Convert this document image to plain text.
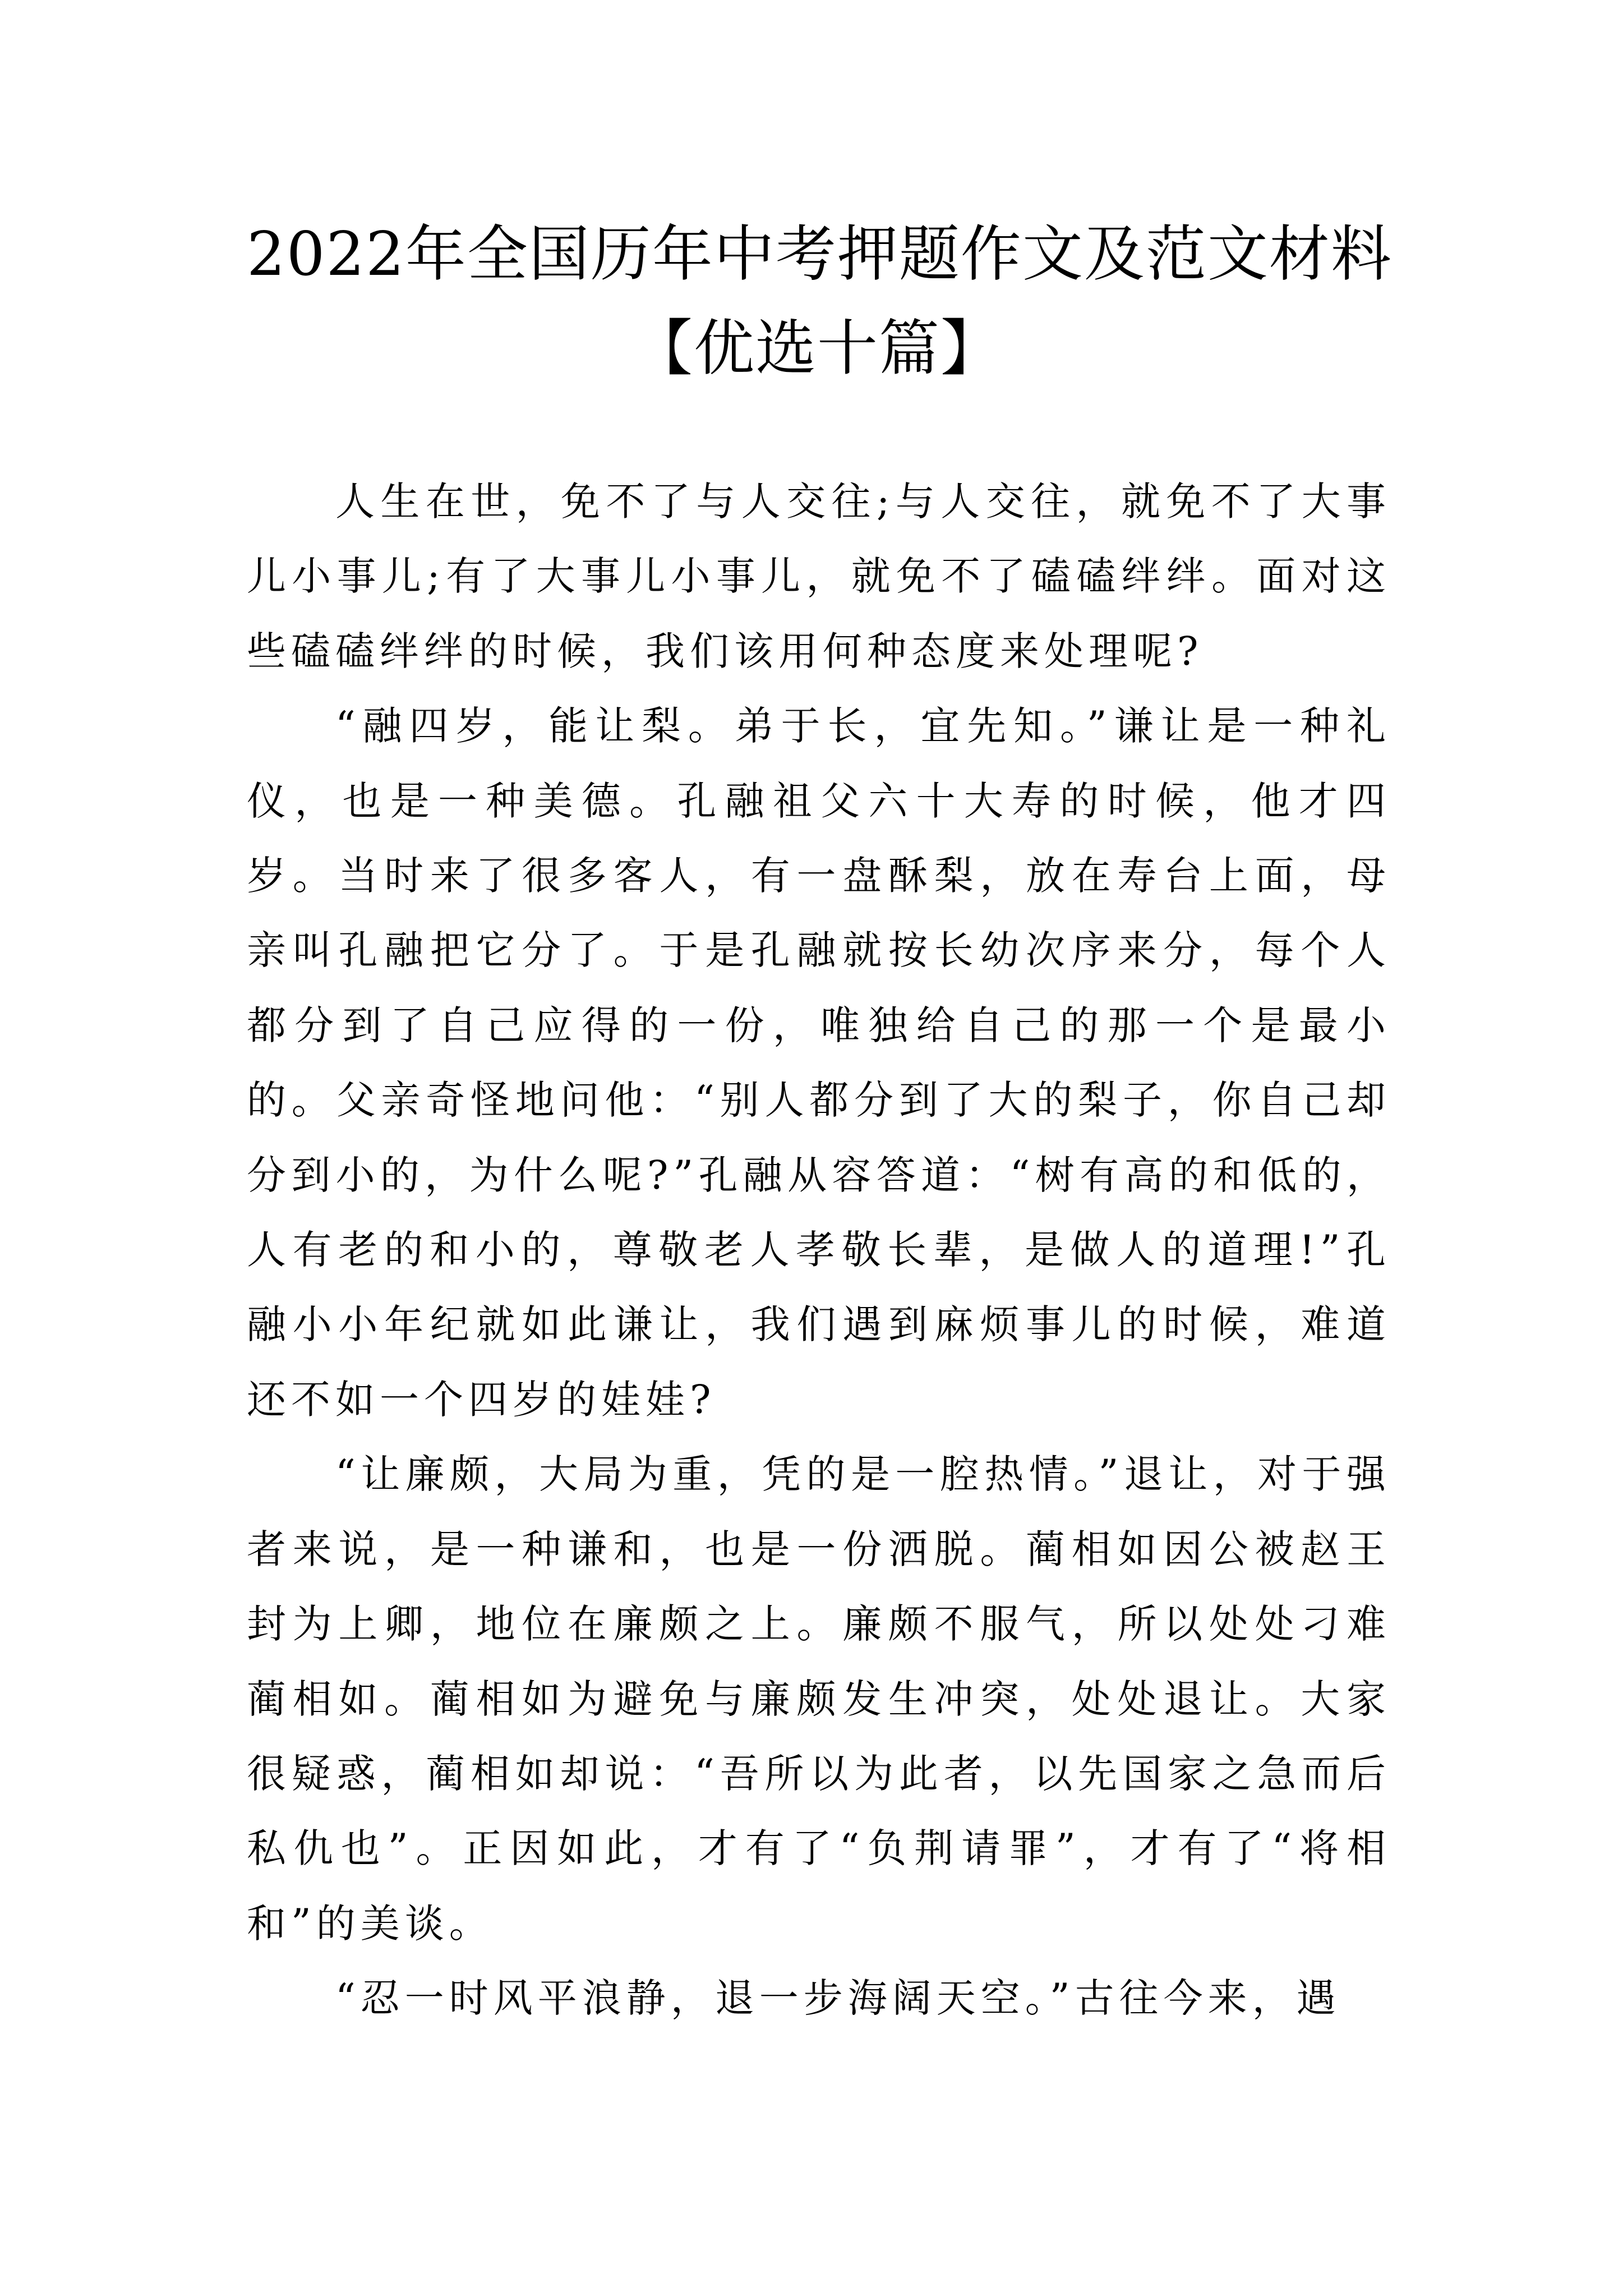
2022年全国历年中考押题作文及范文材料
【优选十篇】

人生在世，免不了与人交往;与人交往，就免不了大事儿小事儿;有了大事儿小事儿，就免不了磕磕绊绊。面对这些磕磕绊绊的时候，我们该用何种态度来处理呢?

“融四岁，能让梨。弟于长，宜先知。”谦让是一种礼仪，也是一种美德。孔融祖父六十大寿的时候，他才四岁。当时来了很多客人，有一盘酥梨，放在寿台上面，母亲叫孔融把它分了。于是孔融就按长幼次序来分，每个人都分到了自己应得的一份，唯独给自己的那一个是最小的。父亲奇怪地问他：“别人都分到了大的梨子，你自己却分到小的，为什么呢?”孔融从容答道：“树有高的和低的，人有老的和小的，尊敬老人孝敬长辈，是做人的道理!”孔融小小年纪就如此谦让，我们遇到麻烦事儿的时候，难道还不如一个四岁的娃娃?

“让廉颇，大局为重，凭的是一腔热情。”退让，对于强者来说，是一种谦和，也是一份洒脱。蔺相如因公被赵王封为上卿，地位在廉颇之上。廉颇不服气，所以处处刁难蔺相如。蔺相如为避免与廉颇发生冲突，处处退让。大家很疑惑，蔺相如却说：“吾所以为此者，以先国家之急而后私仇也”。正因如此，才有了“负荆请罪”，才有了“将相和”的美谈。

“忍一时风平浪静，退一步海阔天空。”古往今来，遇
